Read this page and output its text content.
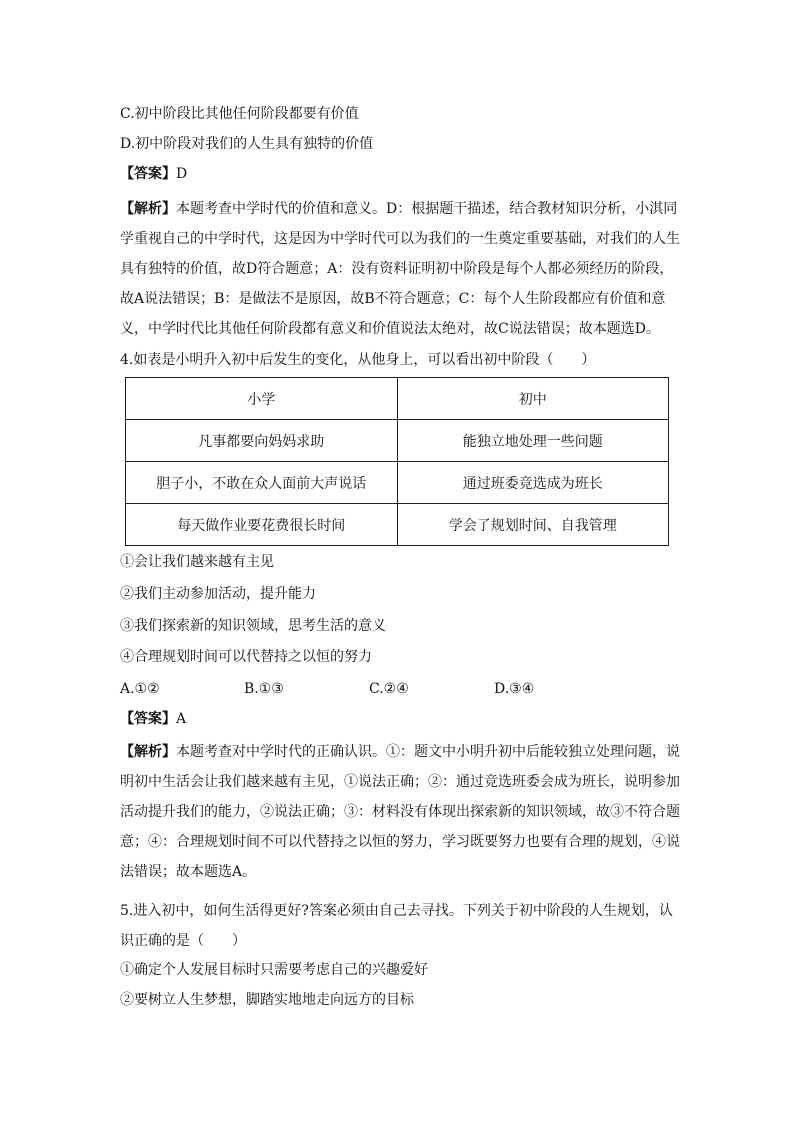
C.初中阶段比其他任何阶段都要有价值
D.初中阶段对我们的人生具有独特的价值
【答案】D
【解析】本题考查中学时代的价值和意义。D：根据题干描述，结合教材知识分析，小淇同学重视自己的中学时代，这是因为中学时代可以为我们的一生奠定重要基础，对我们的人生具有独特的价值，故D符合题意；A：没有资料证明初中阶段是每个人都必须经历的阶段，故A说法错误；B：是做法不是原因，故B不符合题意；C：每个人生阶段都应有价值和意义，中学时代比其他任何阶段都有意义和价值说法太绝对，故C说法错误；故本题选D。
4.如表是小明升入初中后发生的变化，从他身上，可以看出初中阶段（　　）
小学	初中
凡事都要向妈妈求助	能独立地处理一些问题
胆子小，不敢在众人面前大声说话	通过班委竞选成为班长
每天做作业要花费很长时间	学会了规划时间、自我管理
①会让我们越来越有主见
②我们主动参加活动，提升能力
③我们探索新的知识领域，思考生活的意义
④合理规划时间可以代替持之以恒的努力
A.①②	B.①③	C.②④	D.③④
【答案】A
【解析】本题考查对中学时代的正确认识。①：题文中小明升初中后能较独立处理问题，说明初中生活会让我们越来越有主见，①说法正确；②：通过竞选班委会成为班长，说明参加活动提升我们的能力，②说法正确；③：材料没有体现出探索新的知识领域，故③不符合题意；④：合理规划时间不可以代替持之以恒的努力，学习既要努力也要有合理的规划，④说法错误；故本题选A。
5.进入初中，如何生活得更好?答案必须由自己去寻找。下列关于初中阶段的人生规划，认识正确的是（　　）
①确定个人发展目标时只需要考虑自己的兴趣爱好
②要树立人生梦想，脚踏实地地走向远方的目标
